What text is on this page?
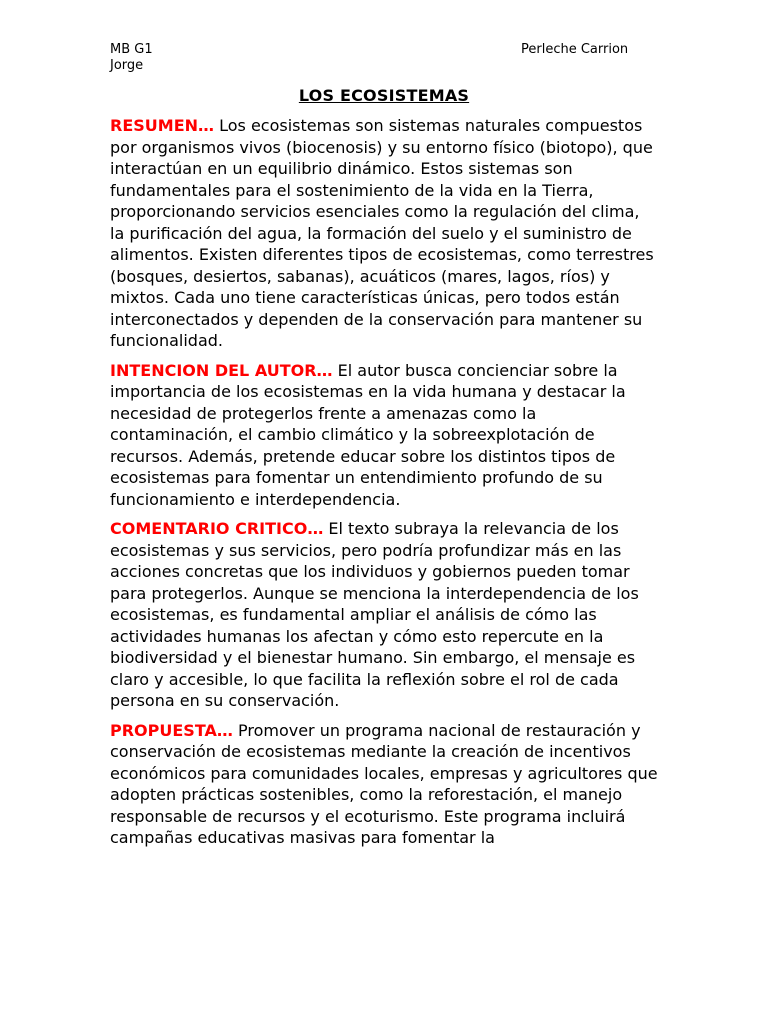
MB G1
Jorge
Perleche Carrion
LOS ECOSISTEMAS

RESUMEN… Los ecosistemas son sistemas naturales compuestos por organismos vivos (biocenosis) y su entorno físico (biotopo), que interactúan en un equilibrio dinámico. Estos sistemas son fundamentales para el sostenimiento de la vida en la Tierra, proporcionando servicios esenciales como la regulación del clima, la purificación del agua, la formación del suelo y el suministro de alimentos. Existen diferentes tipos de ecosistemas, como terrestres (bosques, desiertos, sabanas), acuáticos (mares, lagos, ríos) y mixtos. Cada uno tiene características únicas, pero todos están interconectados y dependen de la conservación para mantener su funcionalidad.

INTENCION DEL AUTOR… El autor busca concienciar sobre la importancia de los ecosistemas en la vida humana y destacar la necesidad de protegerlos frente a amenazas como la contaminación, el cambio climático y la sobreexplotación de recursos. Además, pretende educar sobre los distintos tipos de ecosistemas para fomentar un entendimiento profundo de su funcionamiento e interdependencia.

COMENTARIO CRITICO… El texto subraya la relevancia de los ecosistemas y sus servicios, pero podría profundizar más en las acciones concretas que los individuos y gobiernos pueden tomar para protegerlos. Aunque se menciona la interdependencia de los ecosistemas, es fundamental ampliar el análisis de cómo las actividades humanas los afectan y cómo esto repercute en la biodiversidad y el bienestar humano. Sin embargo, el mensaje es claro y accesible, lo que facilita la reflexión sobre el rol de cada persona en su conservación.

PROPUESTA… Promover un programa nacional de restauración y conservación de ecosistemas mediante la creación de incentivos económicos para comunidades locales, empresas y agricultores que adopten prácticas sostenibles, como la reforestación, el manejo responsable de recursos y el ecoturismo. Este programa incluirá campañas educativas masivas para fomentar la
